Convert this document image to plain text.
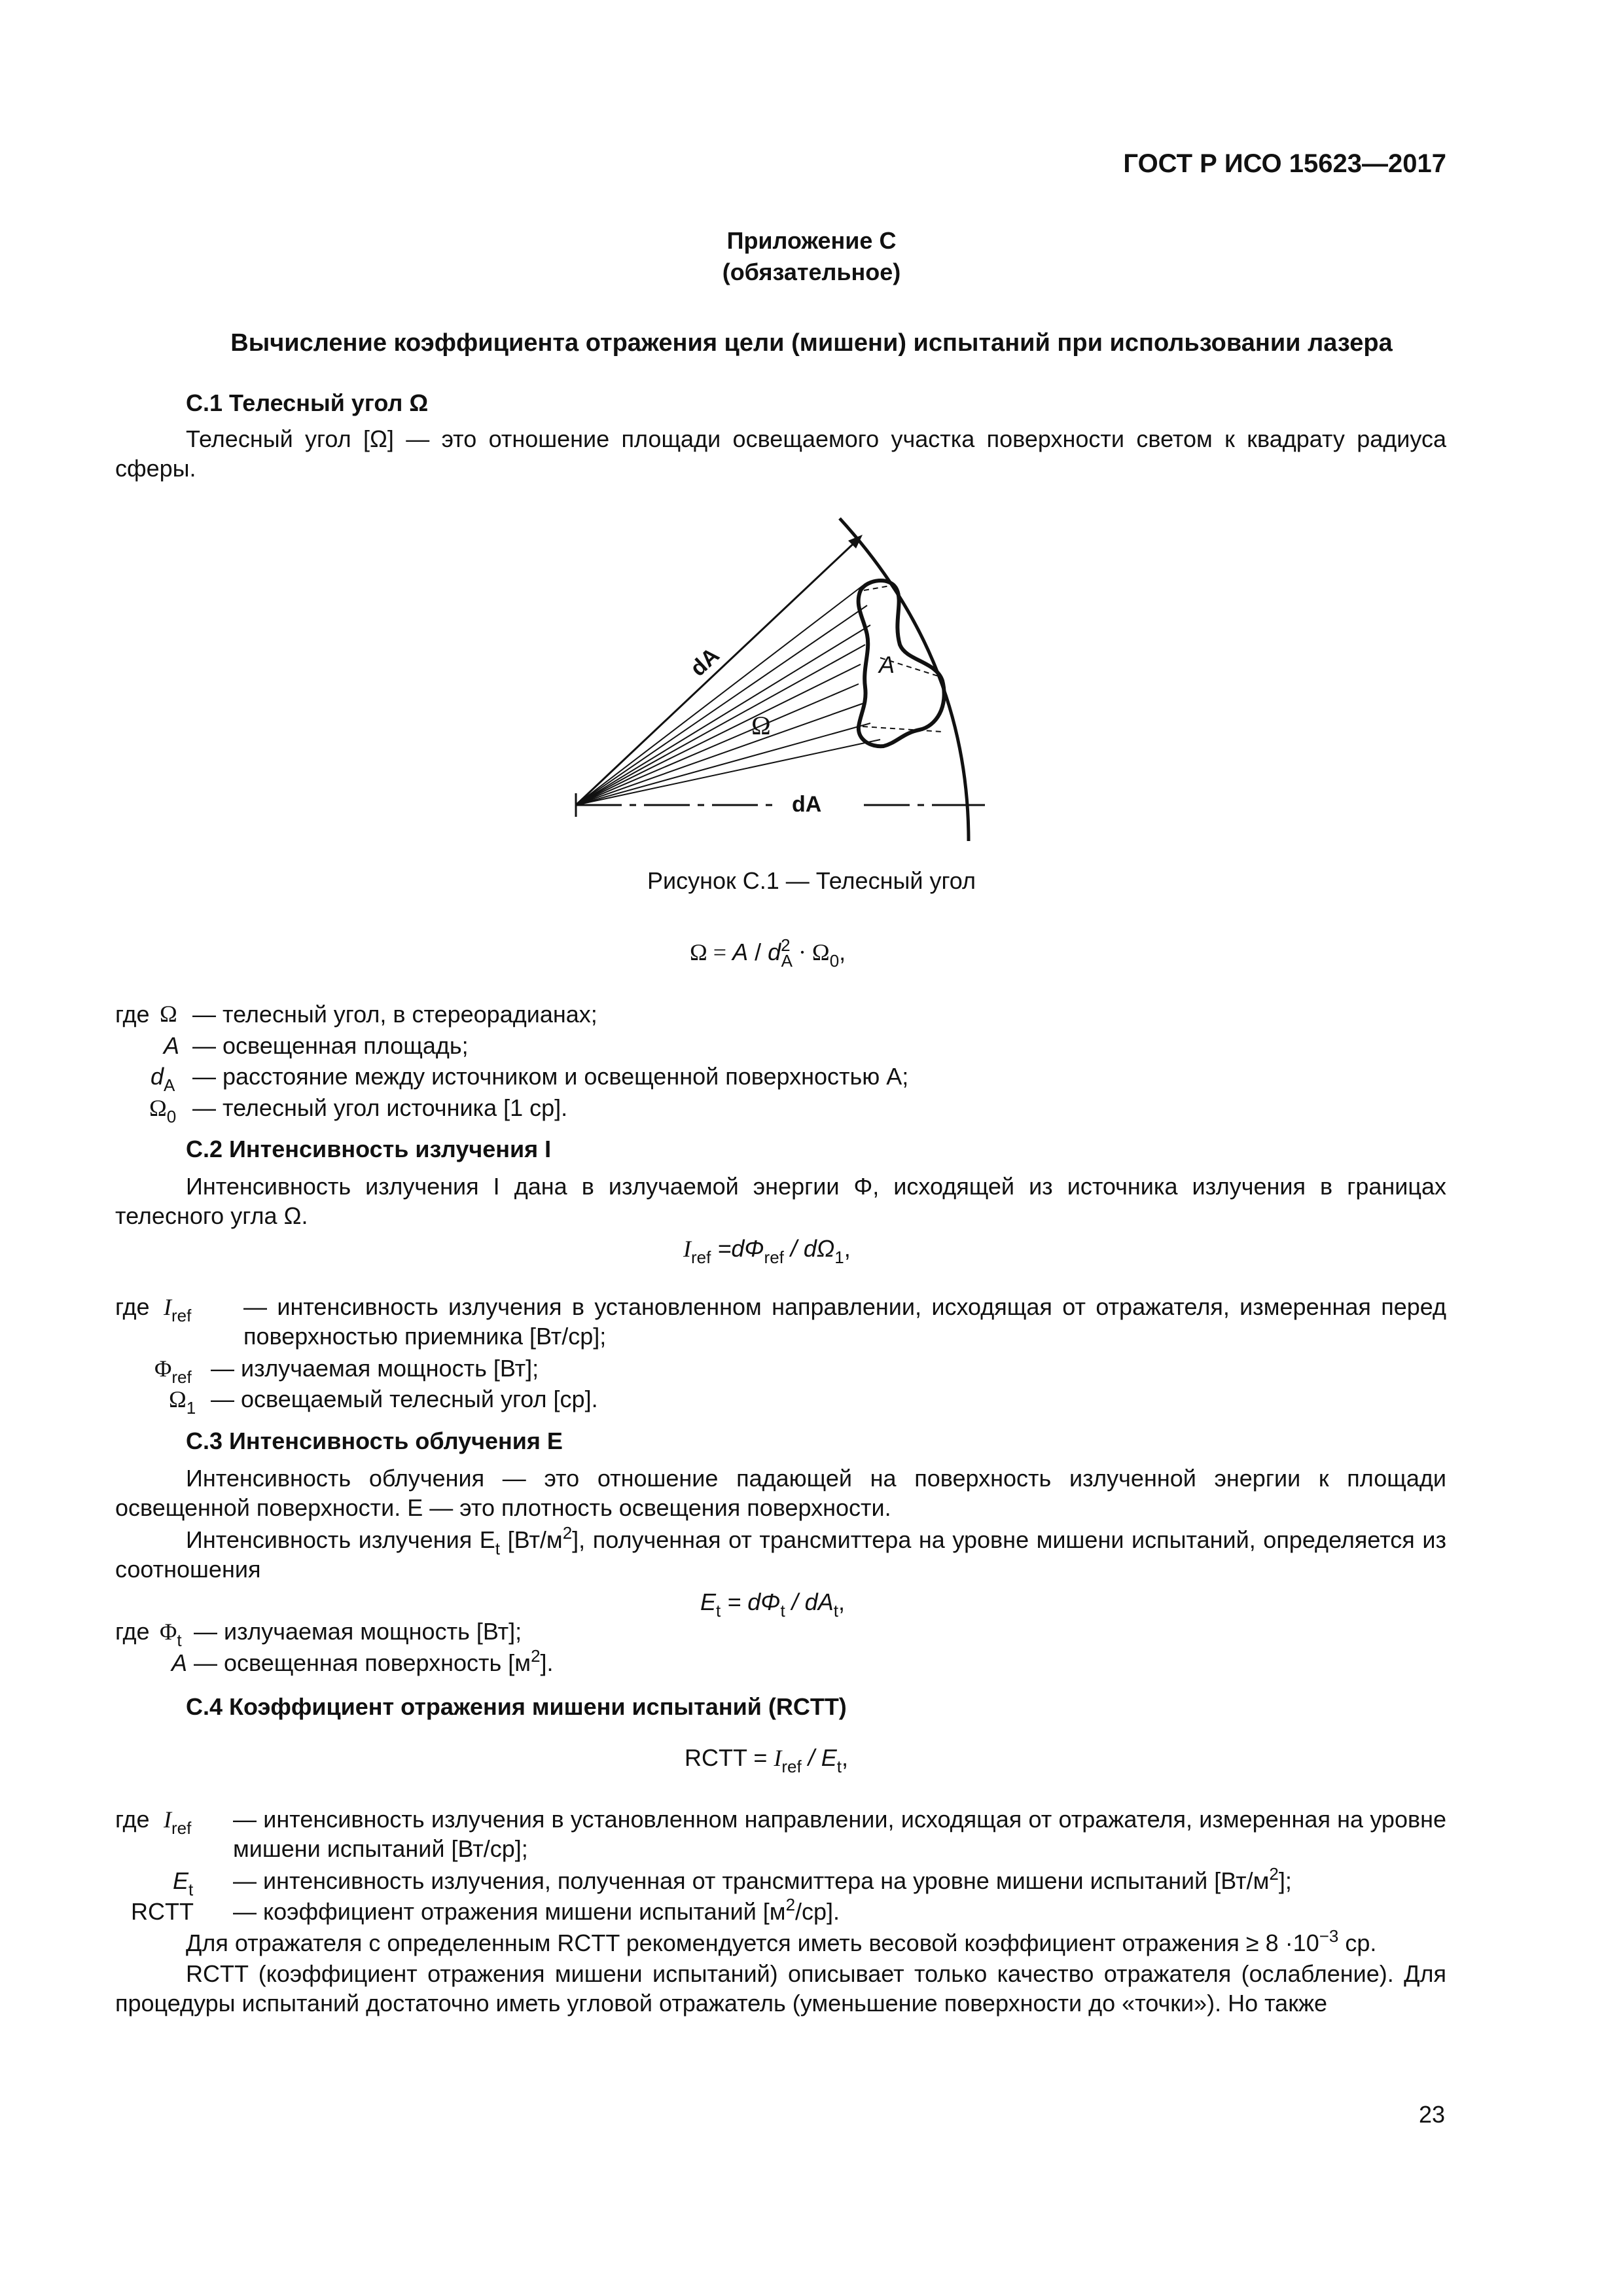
ГОСТ Р ИСО 15623—2017
Приложение С
(обязательное)
Вычисление коэффициента отражения цели (мишени) испытаний при использовании лазера
С.1 Телесный угол Ω
Телесный угол [Ω] — это отношение площади освещаемого участка поверхности светом к квадрату радиуса сферы.
dA	A
Ω
dA
Рисунок С.1 — Телесный угол
$\Omega = A / d^2_A \cdot \Omega_0$,
где Ω — телесный угол, в стереорадианах;
A — освещенная площадь;
$d_A$ — расстояние между источником и освещенной поверхностью A;
$\Omega_0$ — телесный угол источника [1 ср].
С.2 Интенсивность излучения I
Интенсивность излучения I дана в излучаемой энергии Φ, исходящей из источника излучения в границах телесного угла Ω.
$I_{ref} =d\Phi_{ref} / d\Omega_1$,
где $I_{ref}$	— интенсивность излучения в установленном направлении, исходящая от отражателя, измеренная перед поверхностью приемника [Вт/ср];
$\Phi_{ref}$ — излучаемая мощность [Вт];
$\Omega_1$ — освещаемый телесный угол [ср].
С.3 Интенсивность облучения E
Интенсивность облучения — это отношение падающей на поверхность излученной энергии к площади освещенной поверхности. E — это плотность освещения поверхности.
Интенсивность излучения $E_t$ $[Вт/м^2]$, полученная от трансмиттера на уровне мишени испытаний, определяется из соотношения
$E_t = d\Phi_t / dA_t$,
где $\Phi_t$ — излучаемая мощность [Вт];
A — освещенная поверхность $[м^2]$.
С.4 Коэффициент отражения мишени испытаний (RCTT)
RCTT = $I_{ref} / E_t$,
где $I_{ref}$	— интенсивность излучения в установленном направлении, исходящая от отражателя, измеренная на уровне мишени испытаний [Вт/ср];
$E_t$	— интенсивность излучения, полученная от трансмиттера на уровне мишени испытаний $[Вт/м^2]$;
RCTT	— коэффициент отражения мишени испытаний $[м^2/ср]$.
Для отражателя с определенным RCTT рекомендуется иметь весовой коэффициент отражения ≥ $8 \cdot 10^{-3}$ ср.
RCTT (коэффициент отражения мишени испытаний) описывает только качество отражателя (ослабление). Для процедуры испытаний достаточно иметь угловой отражатель (уменьшение поверхности до «точки»). Но также
23
